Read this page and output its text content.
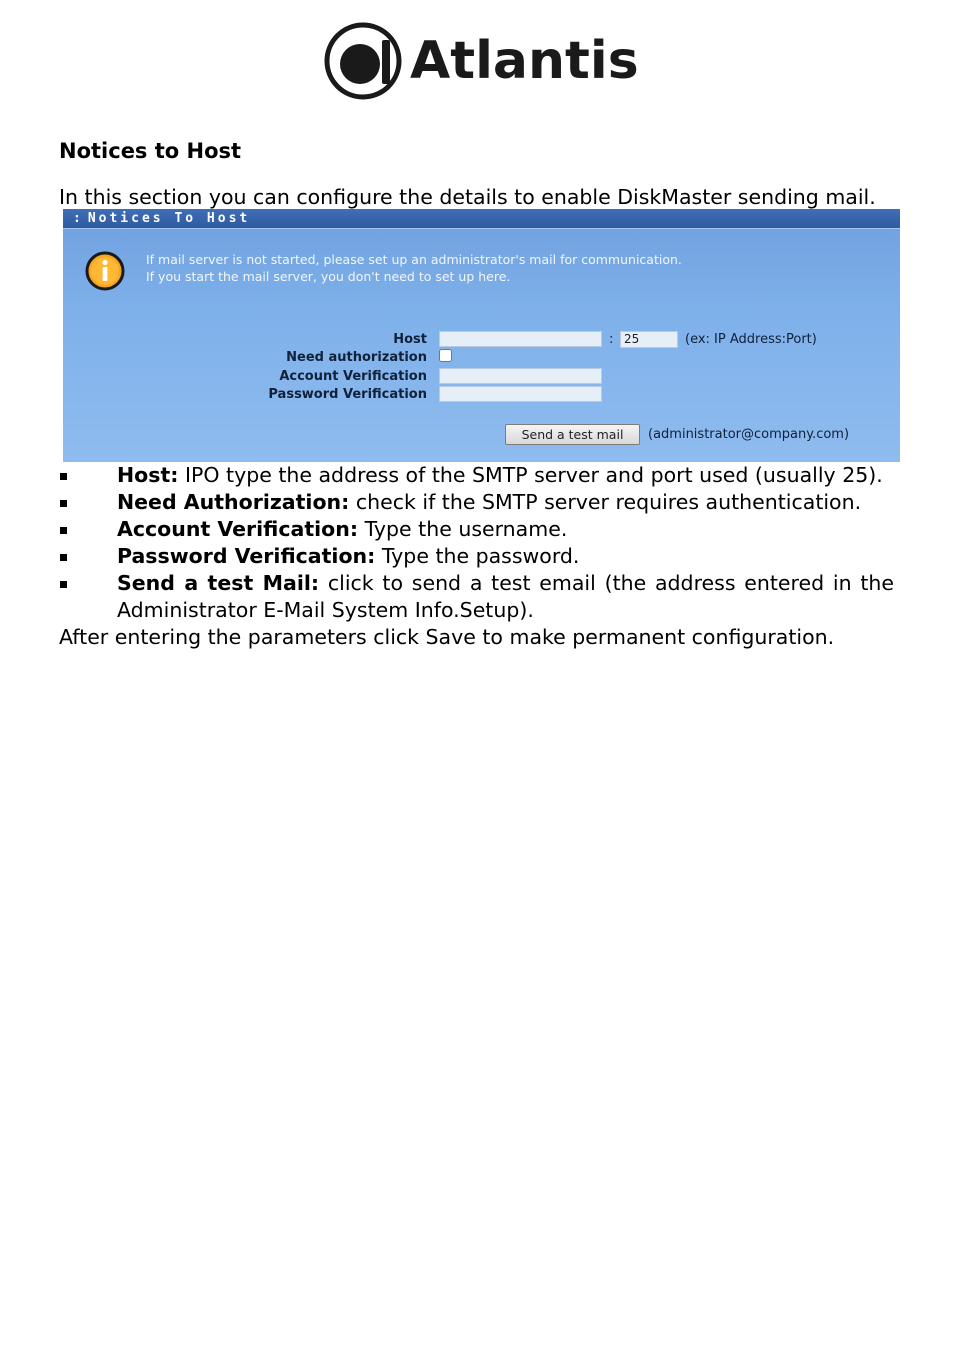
Atlantis
Notices to Host
In this section you can configure the details to enable DiskMaster sending mail.
: Notices To Host
If mail server is not started, please set up an administrator's mail for communication.
If you start the mail server, you don't need to set up here.
Host	: 25	(ex: IP Address:Port)
Need authorization
Account Verification
Password Verification
Send a test mail	(administrator@company.com)
Host: IPO type the address of the SMTP server and port used (usually 25).
Need Authorization: check if the SMTP server requires authentication.
Account Verification: Type the username.
Password Verification: Type the password.
Send a test Mail: click to send a test email (the address entered in the Administrator E-Mail System Info.Setup).
After entering the parameters click Save to make permanent configuration.
